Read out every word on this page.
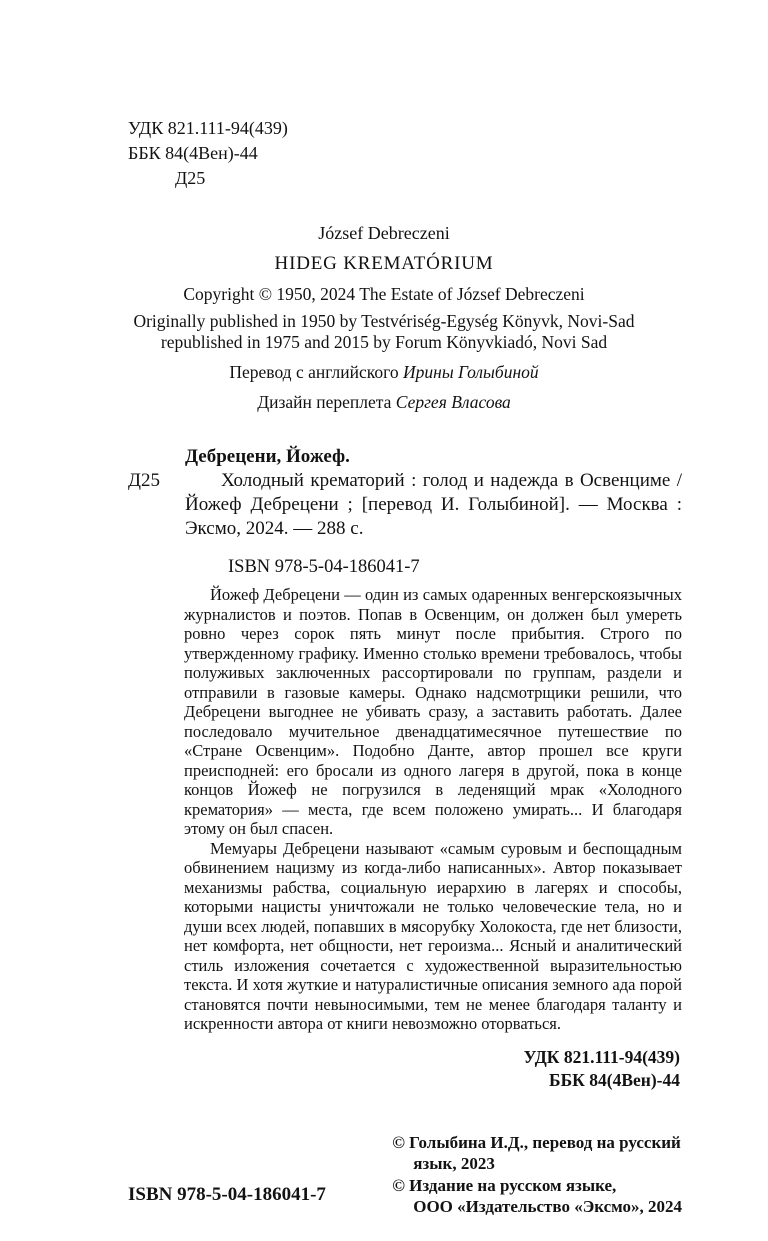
УДК 821.111-94(439)
ББК 84(4Вен)-44
Д25

József Debreczeni

HIDEG KREMATÓRIUM

Copyright © 1950, 2024 The Estate of József Debreczeni

Originally published in 1950 by Testvériség-Egység Könyvk, Novi-Sad
republished in 1975 and 2015 by Forum Könyvkiadó, Novi Sad

Перевод с английского Ирины Голыбиной

Дизайн переплета Сергея Власова

Дебрецени, Йожеф.

Д25	Холодный крематорий : голод и надежда в Освенциме / Йожеф Дебрецени ; [перевод И. Голыбиной]. — Москва : Эксмо, 2024. — 288 с.

ISBN 978-5-04-186041-7

Йожеф Дебрецени — один из самых одаренных венгерскоязычных журналистов и поэтов. Попав в Освенцим, он должен был умереть ровно через сорок пять минут после прибытия. Строго по утвержденному графику. Именно столько времени требовалось, чтобы полуживых заключенных рассортировали по группам, раздели и отправили в газовые камеры. Однако надсмотрщики решили, что Дебрецени выгоднее не убивать сразу, а заставить работать. Далее последовало мучительное двенадцатимесячное путешествие по «Стране Освенцим». Подобно Данте, автор прошел все круги преисподней: его бросали из одного лагеря в другой, пока в конце концов Йожеф не погрузился в леденящий мрак «Холодного крематория» — места, где всем положено умирать... И благодаря этому он был спасен.

Мемуары Дебрецени называют «самым суровым и беспощадным обвинением нацизму из когда-либо написанных». Автор показывает механизмы рабства, социальную иерархию в лагерях и способы, которыми нацисты уничтожали не только человеческие тела, но и души всех людей, попавших в мясорубку Холокоста, где нет близости, нет комфорта, нет общности, нет героизма... Ясный и аналитический стиль изложения сочетается с художественной выразительностью текста. И хотя жуткие и натуралистичные описания земного ада порой становятся почти невыносимыми, тем не менее благодаря таланту и искренности автора от книги невозможно оторваться.

УДК 821.111-94(439)
ББК 84(4Вен)-44
ISBN 978-5-04-186041-7
© Голыбина И.Д., перевод на русский
язык, 2023
© Издание на русском языке,
ООО «Издательство «Эксмо», 2024
